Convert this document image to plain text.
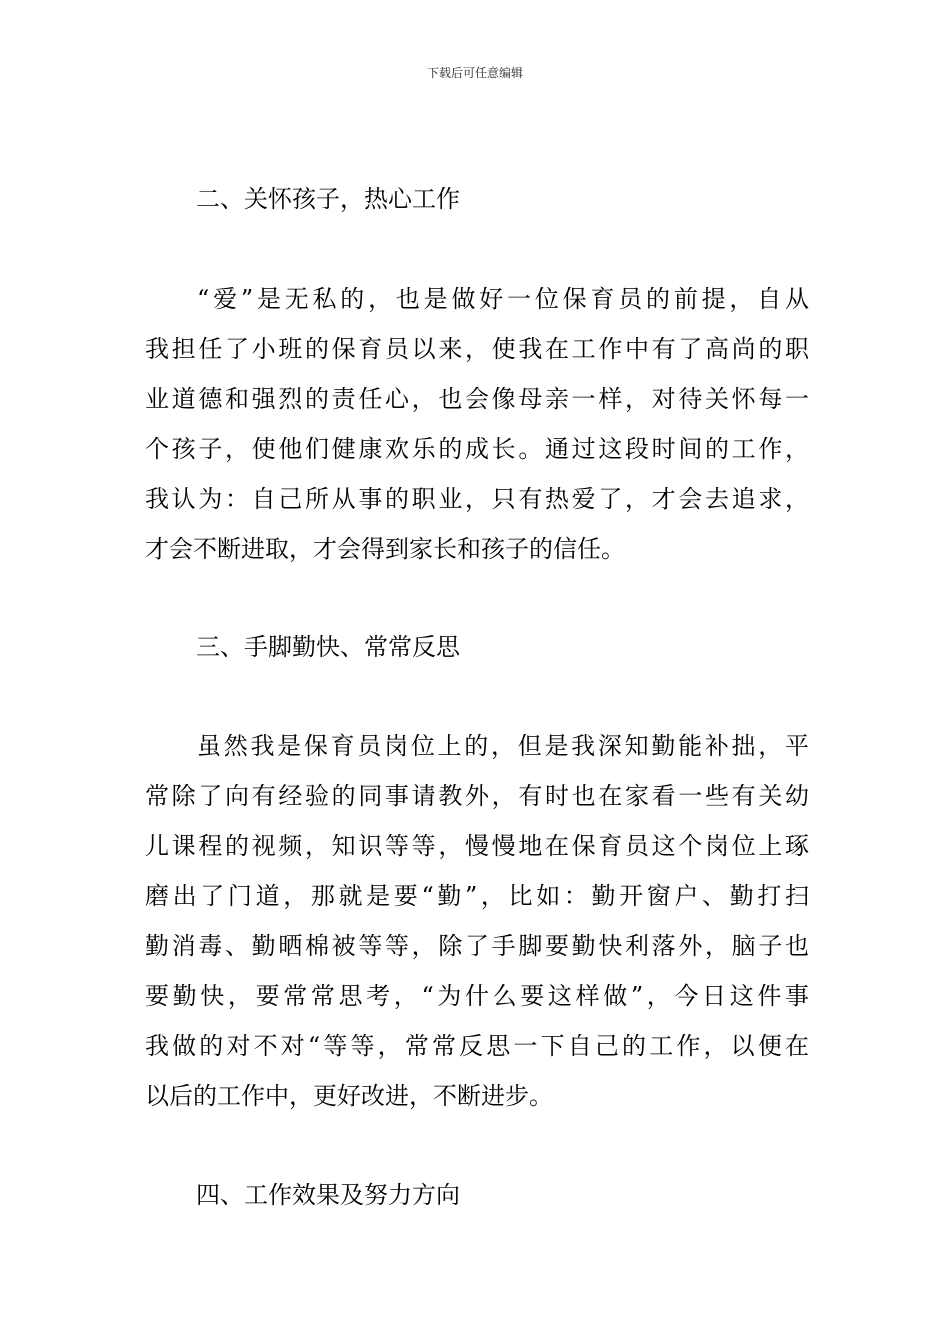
下载后可任意编辑
二、关怀孩子，热心工作
“爱”是无私的，也是做好一位保育员的前提，自从
我担任了小班的保育员以来，使我在工作中有了高尚的职
业道德和强烈的责任心，也会像母亲一样，对待关怀每一
个孩子，使他们健康欢乐的成长。通过这段时间的工作，
我认为：自己所从事的职业，只有热爱了，才会去追求，
才会不断进取，才会得到家长和孩子的信任。
三、手脚勤快、常常反思
虽然我是保育员岗位上的，但是我深知勤能补拙，平
常除了向有经验的同事请教外，有时也在家看一些有关幼
儿课程的视频，知识等等，慢慢地在保育员这个岗位上琢
磨出了门道，那就是要“勤”，比如：勤开窗户、勤打扫
勤消毒、勤晒棉被等等，除了手脚要勤快利落外，脑子也
要勤快，要常常思考，“为什么要这样做”，今日这件事
我做的对不对“等等，常常反思一下自己的工作，以便在
以后的工作中，更好改进，不断进步。
四、工作效果及努力方向
